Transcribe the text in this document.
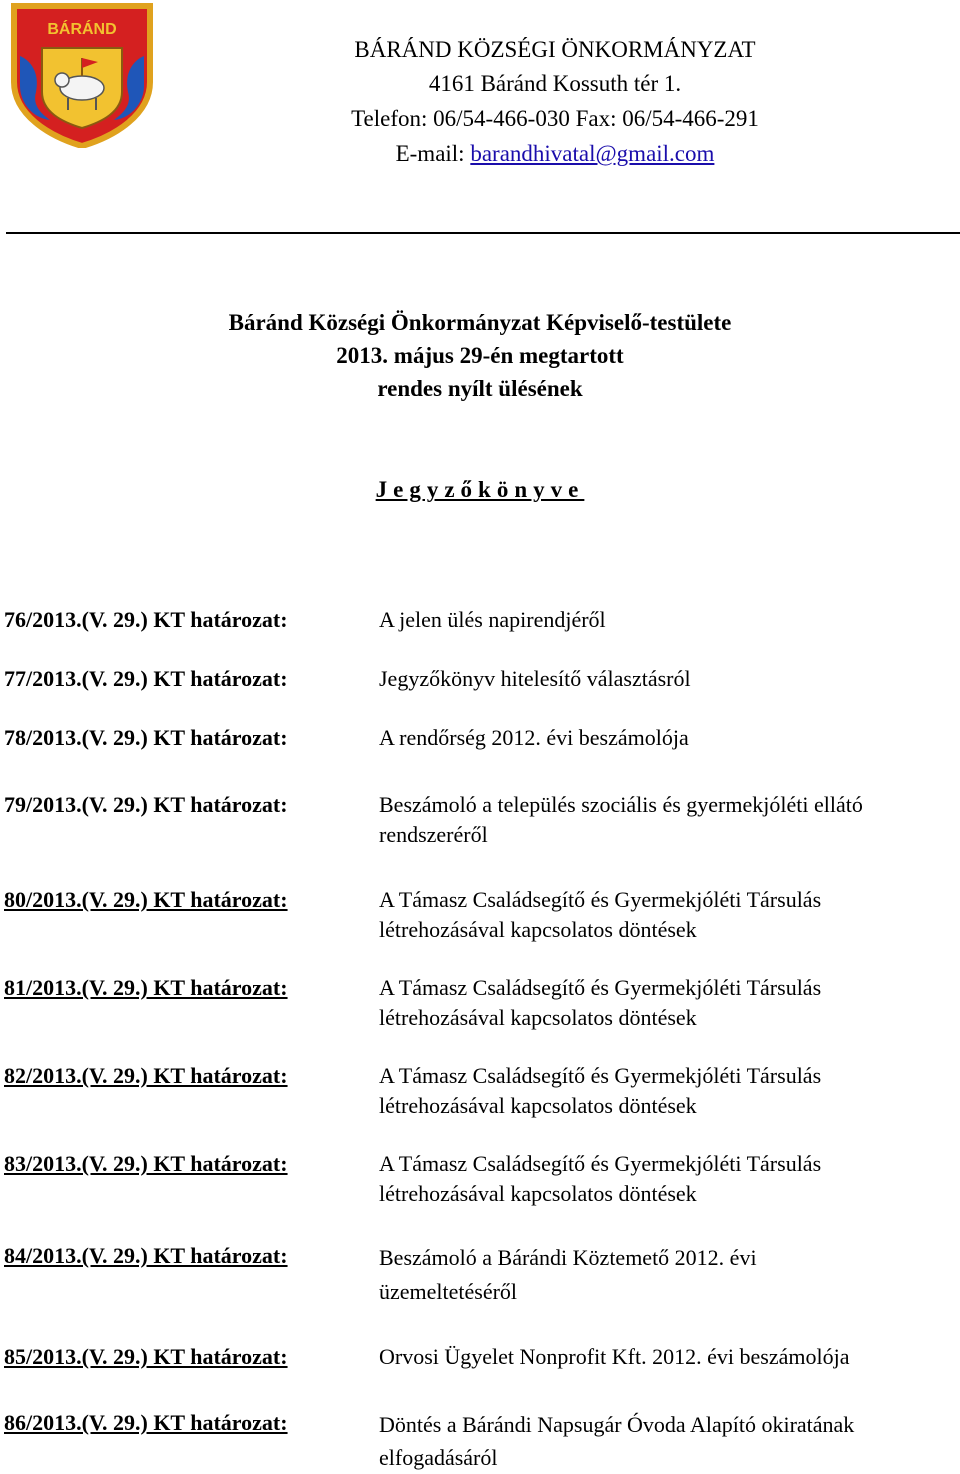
BÁRÁND
BÁRÁND KÖZSÉGI ÖNKORMÁNYZAT
4161 Báránd Kossuth tér 1.
Telefon: 06/54-466-030 Fax: 06/54-466-291
E-mail: barandhivatal@gmail.com
Báránd Községi Önkormányzat Képviselő-testülete
2013. május 29-én megtartott
rendes nyílt ülésének
Jegyzőkönyve
76/2013.(V. 29.) KT határozat:	A jelen ülés napirendjéről
77/2013.(V. 29.) KT határozat:	Jegyzőkönyv hitelesítő választásról
78/2013.(V. 29.) KT határozat:	A rendőrség 2012. évi beszámolója
79/2013.(V. 29.) KT határozat:	Beszámoló a település szociális és gyermekjóléti ellátó rendszeréről
80/2013.(V. 29.) KT határozat:	A Támasz Családsegítő és Gyermekjóléti Társulás létrehozásával kapcsolatos döntések
81/2013.(V. 29.) KT határozat:	A Támasz Családsegítő és Gyermekjóléti Társulás létrehozásával kapcsolatos döntések
82/2013.(V. 29.) KT határozat:	A Támasz Családsegítő és Gyermekjóléti Társulás létrehozásával kapcsolatos döntések
83/2013.(V. 29.) KT határozat:	A Támasz Családsegítő és Gyermekjóléti Társulás létrehozásával kapcsolatos döntések
84/2013.(V. 29.) KT határozat:	Beszámoló a Bárándi Köztemető 2012. évi üzemeltetéséről
85/2013.(V. 29.) KT határozat:	Orvosi Ügyelet Nonprofit Kft. 2012. évi beszámolója
86/2013.(V. 29.) KT határozat:	Döntés a Bárándi Napsugár Óvoda Alapító okiratának elfogadásáról
